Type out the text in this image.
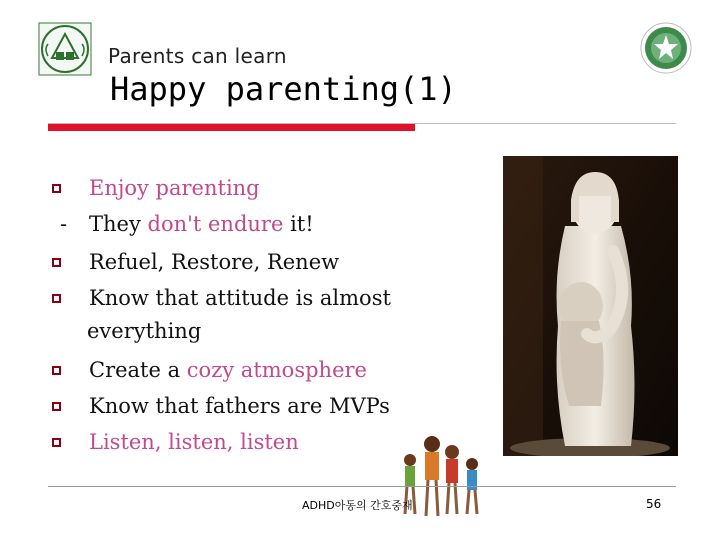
Parents can learn
Happy parenting(1)
Enjoy parenting
- They don't endure it!
Refuel, Restore, Renew
Know that attitude is almost
everything
Create a cozy atmosphere
Know that fathers are MVPs
Listen, listen, listen
ADHD아동의 간호중재	56
